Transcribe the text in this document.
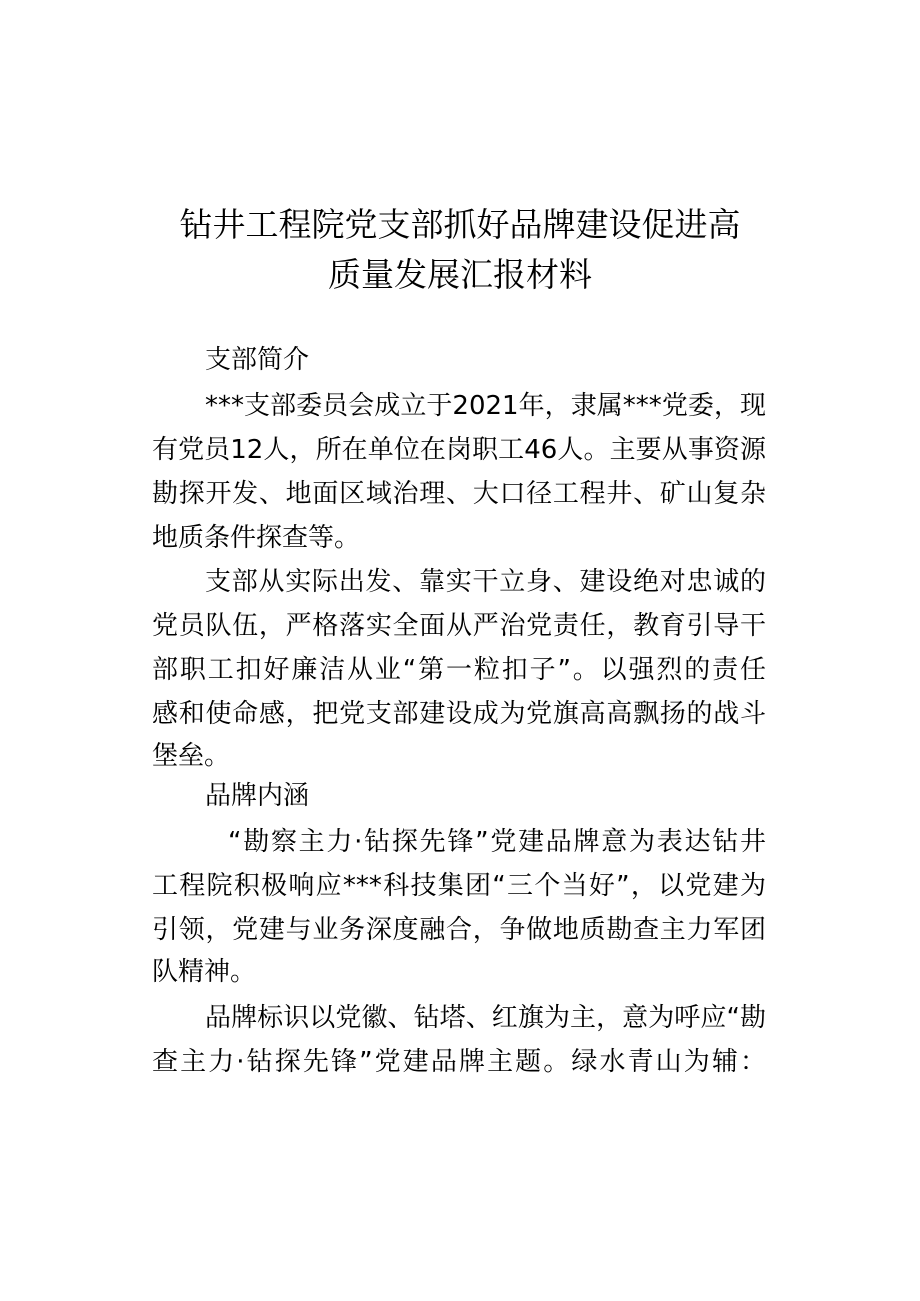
钻井工程院党支部抓好品牌建设促进高
质量发展汇报材料
支部简介
***支部委员会成立于2021年，隶属***党委，现
有党员12人，所在单位在岗职工46人。主要从事资源
勘探开发、地面区域治理、大口径工程井、矿山复杂
地质条件探查等。
支部从实际出发、靠实干立身、建设绝对忠诚的
党员队伍，严格落实全面从严治党责任，教育引导干
部职工扣好廉洁从业“第一粒扣子”。以强烈的责任
感和使命感，把党支部建设成为党旗高高飘扬的战斗
堡垒。
品牌内涵
“勘察主力·钻探先锋”党建品牌意为表达钻井
工程院积极响应***科技集团“三个当好”，以党建为
引领，党建与业务深度融合，争做地质勘查主力军团
队精神。
品牌标识以党徽、钻塔、红旗为主，意为呼应“勘
查主力·钻探先锋”党建品牌主题。绿水青山为辅：
